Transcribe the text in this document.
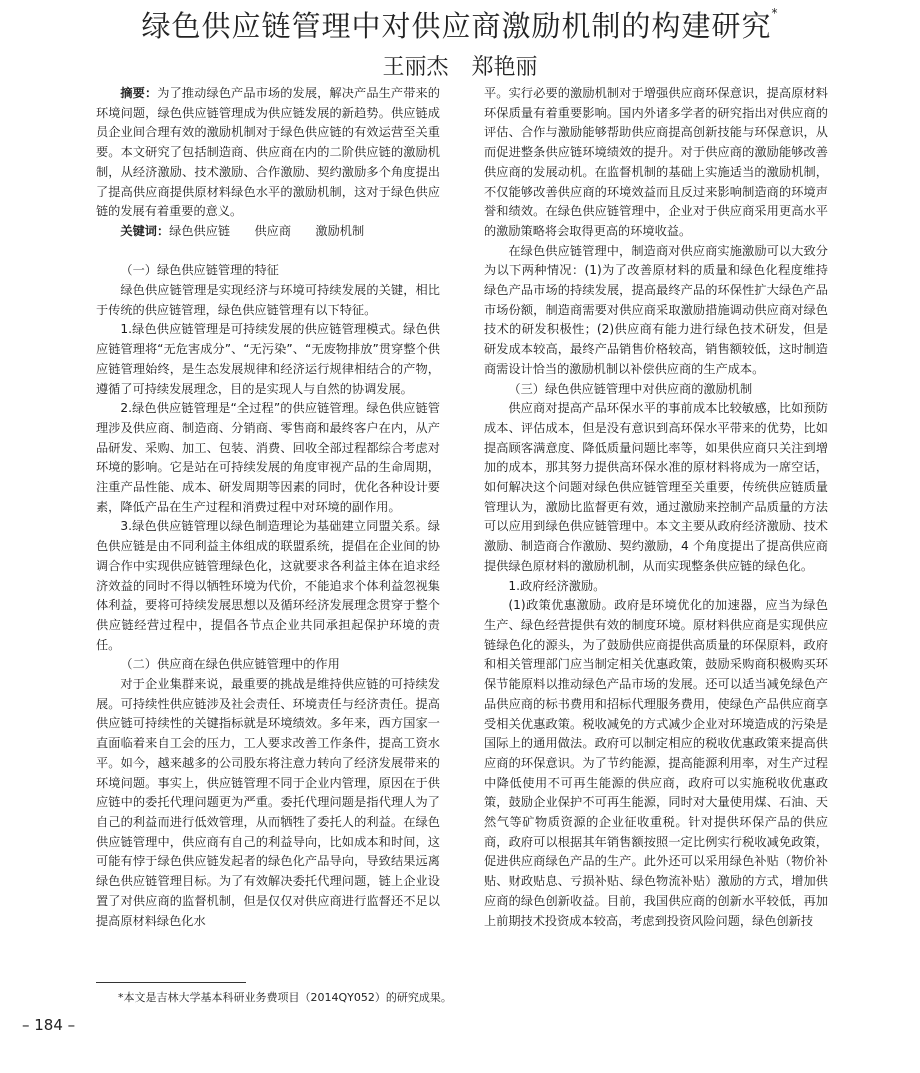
绿色供应链管理中对供应商激励机制的构建研究*
王丽杰 郑艳丽

摘要：为了推动绿色产品市场的发展，解决产品生产带来的环境问题，绿色供应链管理成为供应链发展的新趋势。供应链成员企业间合理有效的激励机制对于绿色供应链的有效运营至关重要。本文研究了包括制造商、供应商在内的二阶供应链的激励机制，从经济激励、技术激励、合作激励、契约激励多个角度提出了提高供应商提供原材料绿色水平的激励机制，这对于绿色供应链的发展有着重要的意义。

关键词：绿色供应链　　供应商　　激励机制

（一）绿色供应链管理的特征

绿色供应链管理是实现经济与环境可持续发展的关键，相比于传统的供应链管理，绿色供应链管理有以下特征。

1.绿色供应链管理是可持续发展的供应链管理模式。绿色供应链管理将“无危害成分”、“无污染”、“无废物排放”贯穿整个供应链管理始终，是生态发展规律和经济运行规律相结合的产物，遵循了可持续发展理念，目的是实现人与自然的协调发展。

2.绿色供应链管理是“全过程”的供应链管理。绿色供应链管理涉及供应商、制造商、分销商、零售商和最终客户在内，从产品研发、采购、加工、包装、消费、回收全部过程都综合考虑对环境的影响。它是站在可持续发展的角度审视产品的生命周期，注重产品性能、成本、研发周期等因素的同时，优化各种设计要素，降低产品在生产过程和消费过程中对环境的副作用。

3.绿色供应链管理以绿色制造理论为基础建立同盟关系。绿色供应链是由不同利益主体组成的联盟系统，提倡在企业间的协调合作中实现供应链管理绿色化，这就要求各利益主体在追求经济效益的同时不得以牺牲环境为代价，不能追求个体利益忽视集体利益，要将可持续发展思想以及循环经济发展理念贯穿于整个供应链经营过程中，提倡各节点企业共同承担起保护环境的责任。

（二）供应商在绿色供应链管理中的作用

对于企业集群来说，最重要的挑战是维持供应链的可持续发展。可持续性供应链涉及社会责任、环境责任与经济责任。提高供应链可持续性的关键指标就是环境绩效。多年来，西方国家一直面临着来自工会的压力，工人要求改善工作条件，提高工资水平。如今，越来越多的公司股东将注意力转向了经济发展带来的环境问题。事实上，供应链管理不同于企业内管理，原因在于供应链中的委托代理问题更为严重。委托代理问题是指代理人为了自己的利益而进行低效管理，从而牺牲了委托人的利益。在绿色供应链管理中，供应商有自己的利益导向，比如成本和时间，这可能有悖于绿色供应链发起者的绿色化产品导向，导致结果远离绿色供应链管理目标。为了有效解决委托代理问题，链上企业设置了对供应商的监督机制，但是仅仅对供应商进行监督还不足以提高原材料绿色化水

平。实行必要的激励机制对于增强供应商环保意识，提高原材料环保质量有着重要影响。国内外诸多学者的研究指出对供应商的评估、合作与激励能够帮助供应商提高创新技能与环保意识，从而促进整条供应链环境绩效的提升。对于供应商的激励能够改善供应商的发展动机。在监督机制的基础上实施适当的激励机制，不仅能够改善供应商的环境效益而且反过来影响制造商的环境声誉和绩效。在绿色供应链管理中，企业对于供应商采用更高水平的激励策略将会取得更高的环境收益。

在绿色供应链管理中，制造商对供应商实施激励可以大致分为以下两种情况：(1)为了改善原材料的质量和绿色化程度维持绿色产品市场的持续发展，提高最终产品的环保性扩大绿色产品市场份额，制造商需要对供应商采取激励措施调动供应商对绿色技术的研发积极性；(2)供应商有能力进行绿色技术研发，但是研发成本较高，最终产品销售价格较高，销售额较低，这时制造商需设计恰当的激励机制以补偿供应商的生产成本。

（三）绿色供应链管理中对供应商的激励机制

供应商对提高产品环保水平的事前成本比较敏感，比如预防成本、评估成本，但是没有意识到高环保水平带来的优势，比如提高顾客满意度、降低质量问题比率等，如果供应商只关注到增加的成本，那其努力提供高环保水准的原材料将成为一席空话，如何解决这个问题对绿色供应链管理至关重要，传统供应链质量管理认为，激励比监督更有效，通过激励来控制产品质量的方法可以应用到绿色供应链管理中。本文主要从政府经济激励、技术激励、制造商合作激励、契约激励，4 个角度提出了提高供应商提供绿色原材料的激励机制，从而实现整条供应链的绿色化。

1.政府经济激励。

(1)政策优惠激励。政府是环境优化的加速器，应当为绿色生产、绿色经营提供有效的制度环境。原材料供应商是实现供应链绿色化的源头，为了鼓励供应商提供高质量的环保原料，政府和相关管理部门应当制定相关优惠政策，鼓励采购商积极购买环保节能原料以推动绿色产品市场的发展。还可以适当减免绿色产品供应商的标书费用和招标代理服务费用，使绿色产品供应商享受相关优惠政策。税收减免的方式减少企业对环境造成的污染是国际上的通用做法。政府可以制定相应的税收优惠政策来提高供应商的环保意识。为了节约能源，提高能源利用率，对生产过程中降低使用不可再生能源的供应商，政府可以实施税收优惠政策，鼓励企业保护不可再生能源，同时对大量使用煤、石油、天然气等矿物质资源的企业征收重税。针对提供环保产品的供应商，政府可以根据其年销售额按照一定比例实行税收减免政策，促进供应商绿色产品的生产。此外还可以采用绿色补贴（物价补贴、财政贴息、亏损补贴、绿色物流补贴）激励的方式，增加供应商的绿色创新收益。目前，我国供应商的创新水平较低，再加上前期技术投资成本较高，考虑到投资风险问题，绿色创新技

*本文是吉林大学基本科研业务费项目（2014QY052）的研究成果。
– 184 –
